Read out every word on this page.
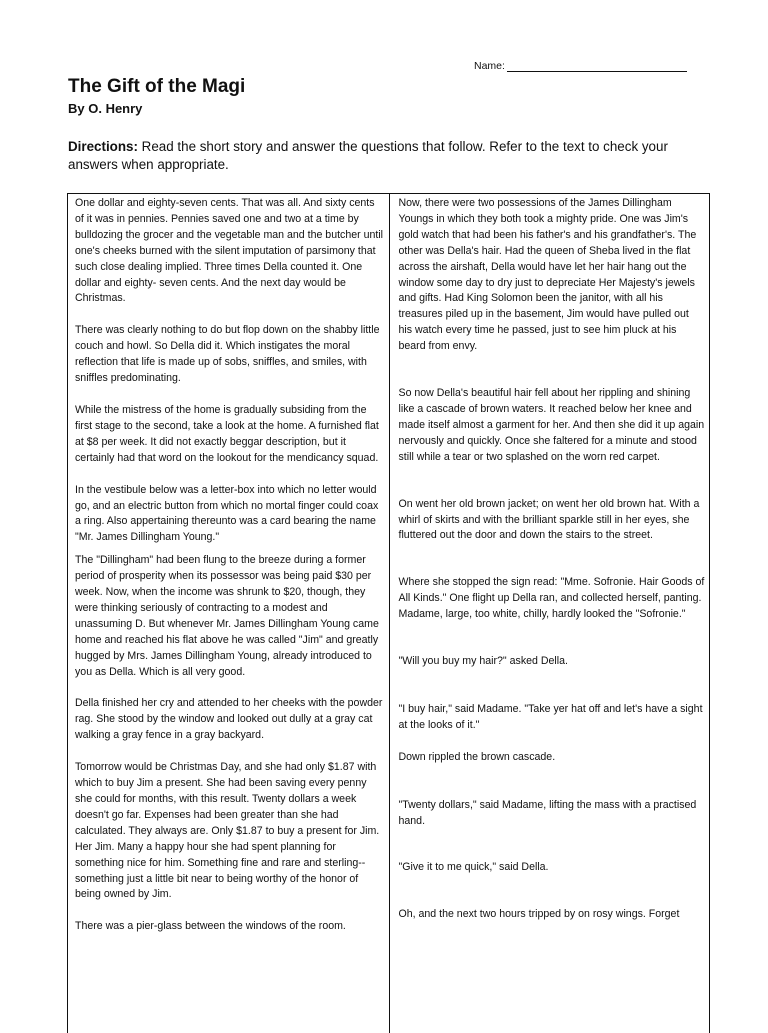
Name:
The Gift of the Magi
By O. Henry
Directions: Read the short story and answer the questions that follow. Refer to the text to check your answers when appropriate.

One dollar and eighty-seven cents. That was all. And sixty cents of it was in pennies. Pennies saved one and two at a time by bulldozing the grocer and the vegetable man and the butcher until one's cheeks burned with the silent imputation of parsimony that such close dealing implied. Three times Della counted it. One dollar and eighty- seven cents. And the next day would be Christmas.

There was clearly nothing to do but flop down on the shabby little couch and howl. So Della did it. Which instigates the moral reflection that life is made up of sobs, sniffles, and smiles, with sniffles predominating.

While the mistress of the home is gradually subsiding from the first stage to the second, take a look at the home. A furnished flat at $8 per week. It did not exactly beggar description, but it certainly had that word on the lookout for the mendicancy squad.

In the vestibule below was a letter-box into which no letter would go, and an electric button from which no mortal finger could coax a ring. Also appertaining thereunto was a card bearing the name "Mr. James Dillingham Young."

The "Dillingham" had been flung to the breeze during a former period of prosperity when its possessor was being paid $30 per week. Now, when the income was shrunk to $20, though, they were thinking seriously of contracting to a modest and unassuming D. But whenever Mr. James Dillingham Young came home and reached his flat above he was called "Jim" and greatly hugged by Mrs. James Dillingham Young, already introduced to you as Della. Which is all very good.

Della finished her cry and attended to her cheeks with the powder rag. She stood by the window and looked out dully at a gray cat walking a gray fence in a gray backyard.

Tomorrow would be Christmas Day, and she had only $1.87 with which to buy Jim a present. She had been saving every penny she could for months, with this result. Twenty dollars a week doesn't go far. Expenses had been greater than she had calculated. They always are. Only $1.87 to buy a present for Jim. Her Jim. Many a happy hour she had spent planning for something nice for him. Something fine and rare and sterling--something just a little bit near to being worthy of the honor of being owned by Jim.

There was a pier-glass between the windows of the room.

Now, there were two possessions of the James Dillingham Youngs in which they both took a mighty pride. One was Jim's gold watch that had been his father's and his grandfather's. The other was Della's hair. Had the queen of Sheba lived in the flat across the airshaft, Della would have let her hair hang out the window some day to dry just to depreciate Her Majesty's jewels and gifts. Had King Solomon been the janitor, with all his treasures piled up in the basement, Jim would have pulled out his watch every time he passed, just to see him pluck at his beard from envy.

So now Della's beautiful hair fell about her rippling and shining like a cascade of brown waters. It reached below her knee and made itself almost a garment for her. And then she did it up again nervously and quickly. Once she faltered for a minute and stood still while a tear or two splashed on the worn red carpet.

On went her old brown jacket; on went her old brown hat. With a whirl of skirts and with the brilliant sparkle still in her eyes, she fluttered out the door and down the stairs to the street.

Where she stopped the sign read: "Mme. Sofronie. Hair Goods of All Kinds." One flight up Della ran, and collected herself, panting. Madame, large, too white, chilly, hardly looked the "Sofronie."

"Will you buy my hair?" asked Della.

"I buy hair," said Madame. "Take yer hat off and let's have a sight at the looks of it."

Down rippled the brown cascade.

"Twenty dollars," said Madame, lifting the mass with a practised hand.

"Give it to me quick," said Della.

Oh, and the next two hours tripped by on rosy wings. Forget
